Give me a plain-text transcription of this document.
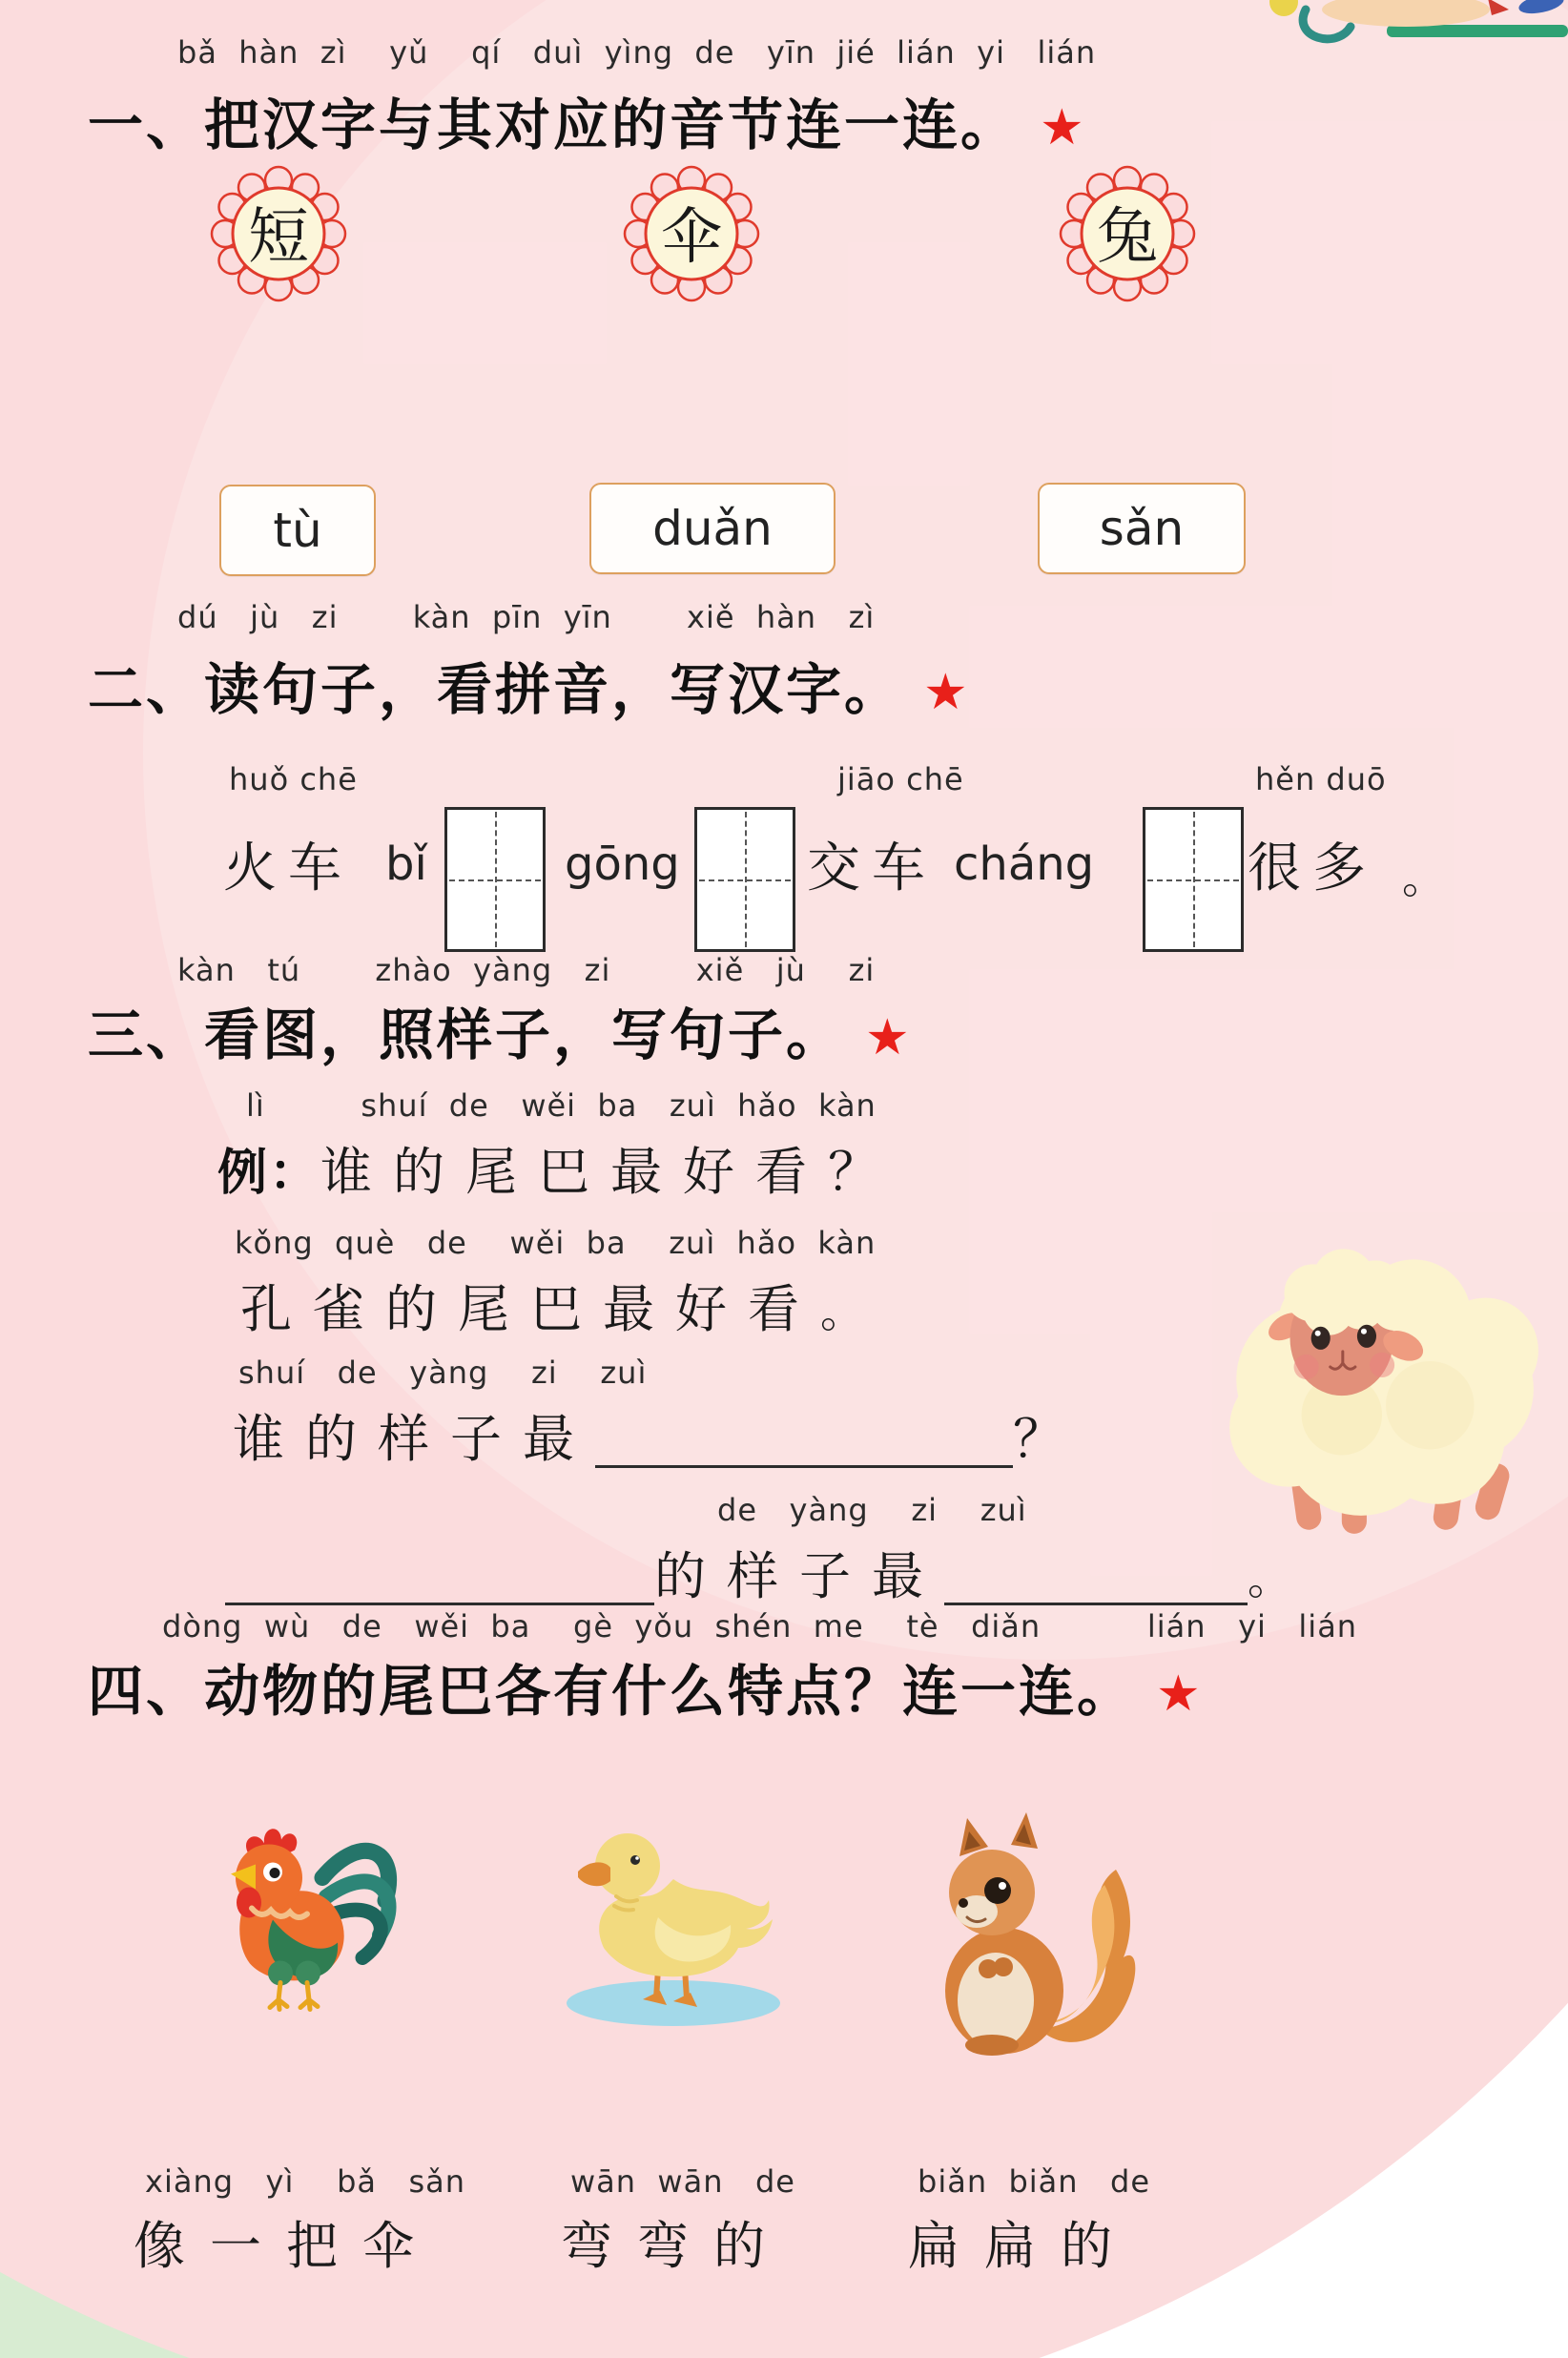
bǎ  hàn  zì    yǔ    qí   duì  yìng  de   yīn  jié  lián  yi   lián
一、把汉字与其对应的音节连一连。 ★
短	伞	兔
tù	duǎn	sǎn
dú   jù   zi       kàn  pīn  yīn       xiě  hàn   zì
二、读句子，看拼音，写汉字。 ★
huǒ chē
火车 bǐ	gōng
jiāo chē
交车 cháng
hěn duō
很多 。
kàn   tú       zhào  yàng   zi        xiě   jù    zi
三、看图，照样子，写句子。 ★
lì         shuí  de   wěi  ba   zuì  hǎo  kàn
例：谁的尾巴最好看？
kǒng  què   de    wěi  ba    zuì  hǎo  kàn
孔雀的尾巴最好看。
shuí   de   yàng    zi    zuì
谁的样子最	？
de   yàng    zi    zuì
的样子最	。
dòng  wù   de   wěi  ba    gè  yǒu  shén  me    tè   diǎn          lián   yi   lián
四、动物的尾巴各有什么特点？连一连。 ★
xiàng   yì    bǎ   sǎn
像一把伞
wān  wān   de
弯弯的
biǎn  biǎn   de
扁扁的
